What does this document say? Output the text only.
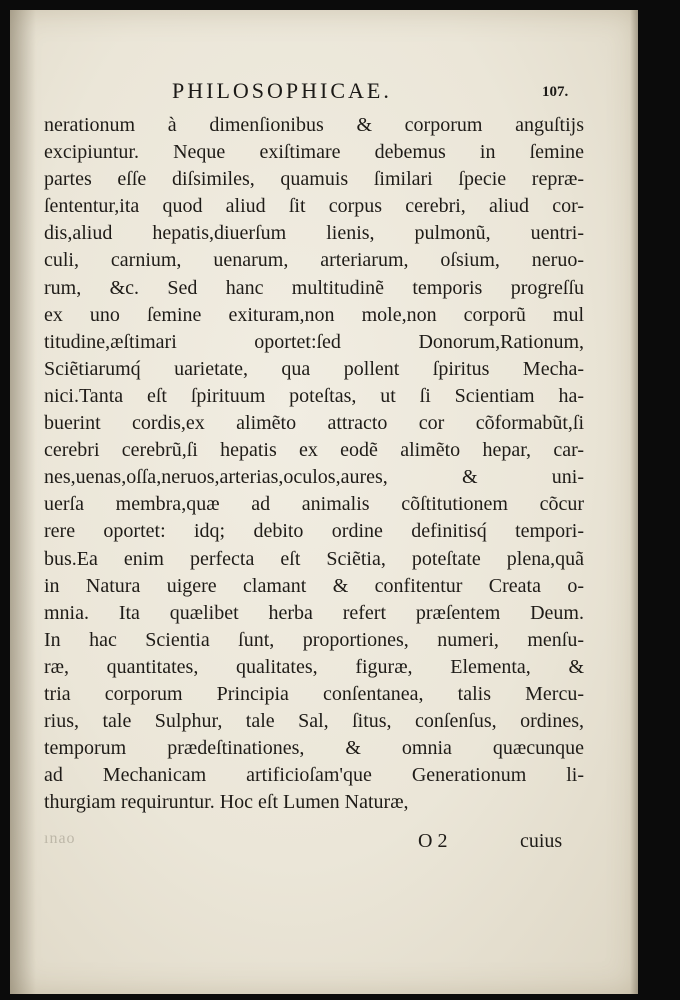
PHILOSOPHICAE.	107.
nerationum à dimenſionibus & corporum anguſtijs
excipiuntur. Neque exiſtimare debemus in ſemine
partes eſſe diſsimiles, quamuis ſimilari ſpecie repræ-
ſententur,ita quod aliud ſit corpus cerebri, aliud cor-
dis,aliud hepatis,diuerſum lienis, pulmonũ, uentri-
culi, carnium, uenarum, arteriarum, oſsium, neruo-
rum, &c. Sed hanc multitudinẽ temporis progreſſu
ex uno ſemine exituram,non mole,non corporũ mul
titudine,æſtimari oportet:ſed Donorum,Rationum,
Sciẽtiarumq́ uarietate, qua pollent ſpiritus Mecha-
nici.Tanta eſt ſpirituum poteſtas, ut ſi Scientiam ha-
buerint cordis,ex alimẽto attracto cor cõformabũt,ſi
cerebri cerebrũ,ſi hepatis ex eodẽ alimẽto hepar, car-
nes,uenas,oſſa,neruos,arterias,oculos,aures, & uni-
uerſa membra,quæ ad animalis cõſtitutionem cõcur
rere oportet: idq; debito ordine definitisq́ tempori-
bus.Ea enim perfecta eſt Sciẽtia, poteſtate plena,quã
in Natura uigere clamant & confitentur Creata o-
mnia. Ita quælibet herba refert præſentem Deum.
In hac Scientia ſunt, proportiones, numeri, menſu-
ræ, quantitates, qualitates, figuræ, Elementa, &
tria corporum Principia conſentanea, talis Mercu-
rius, tale Sulphur, tale Sal, ſitus, conſenſus, ordines,
temporum prædeſtinationes, & omnia quæcunque
ad Mechanicam artificioſam'que Generationum li-
thurgiam requiruntur. Hoc eſt Lumen Naturæ,
ınao	O 2	cuius
